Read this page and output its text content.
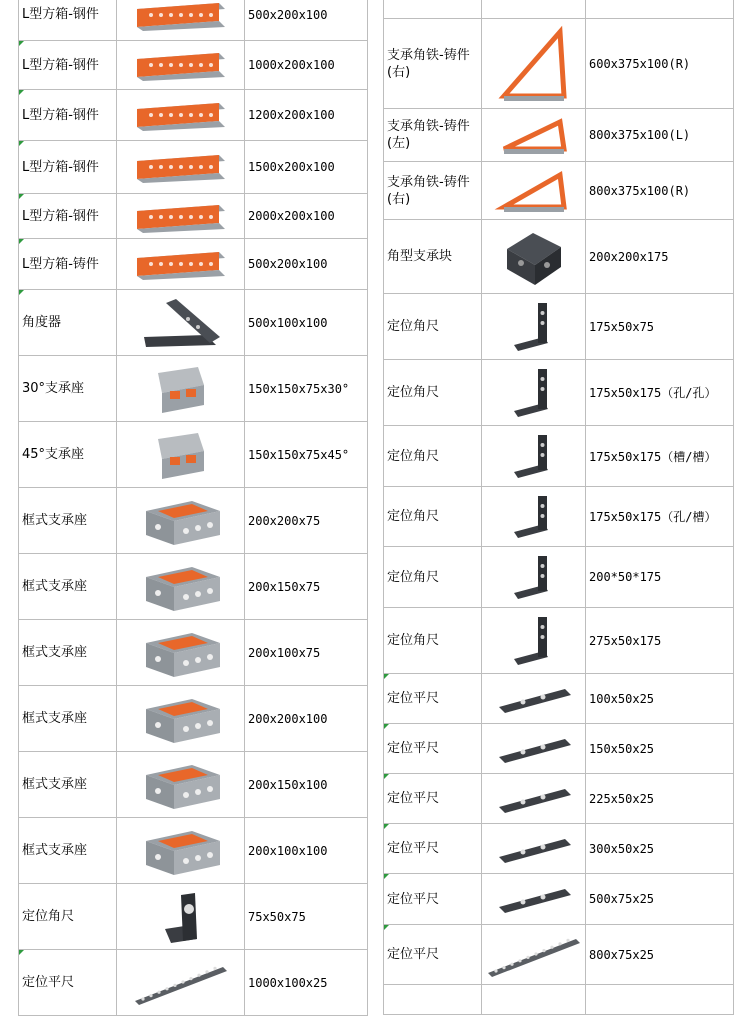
L型方箱-钢件		500x200x100
L型方箱-钢件		1000x200x100
L型方箱-钢件		1200x200x100
L型方箱-钢件		1500x200x100
L型方箱-钢件		2000x200x100
L型方箱-铸件		500x200x100
角度器		500x100x100
30°支承座		150x150x75x30°
45°支承座		150x150x75x45°
框式支承座		200x200x75
框式支承座		200x150x75
框式支承座		200x100x75
框式支承座		200x200x100
框式支承座		200x150x100
框式支承座		200x100x100
定位角尺		75x50x75
定位平尺		1000x100x25

支承角铁-铸件(右)		600x375x100(R)
支承角铁-铸件(左)		800x375x100(L)
支承角铁-铸件(右)		800x375x100(R)
角型支承块		200x200x175
定位角尺		175x50x75
定位角尺		175x50x175（孔/孔）
定位角尺		175x50x175（槽/槽）
定位角尺		175x50x175（孔/槽）
定位角尺		200*50*175
定位角尺		275x50x175
定位平尺		100x50x25
定位平尺		150x50x25
定位平尺		225x50x25
定位平尺		300x50x25
定位平尺		500x75x25
定位平尺		800x75x25
